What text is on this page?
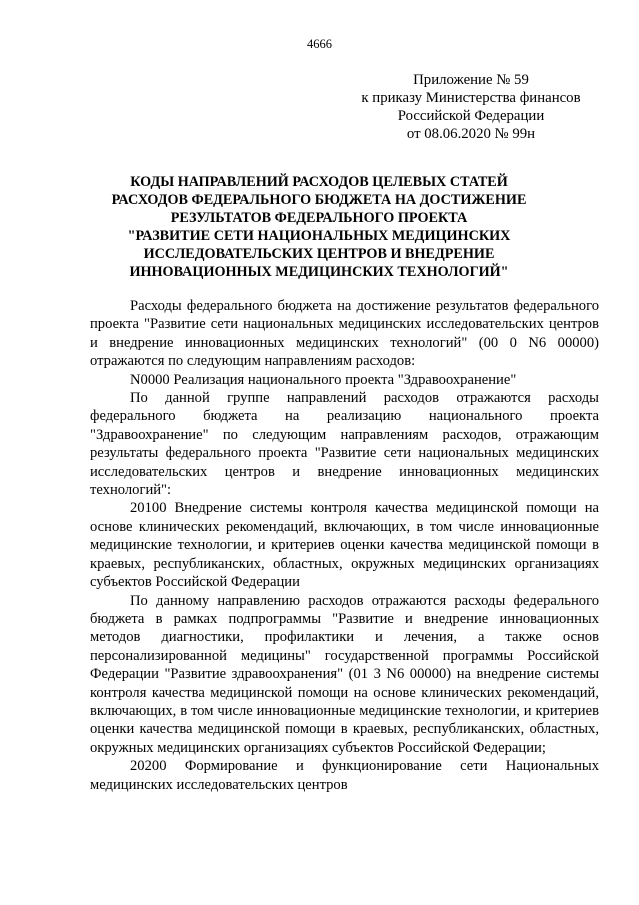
4666
Приложение № 59
к приказу Министерства финансов
Российской Федерации
от 08.06.2020 № 99н
КОДЫ НАПРАВЛЕНИЙ РАСХОДОВ ЦЕЛЕВЫХ СТАТЕЙ
РАСХОДОВ ФЕДЕРАЛЬНОГО БЮДЖЕТА НА ДОСТИЖЕНИЕ
РЕЗУЛЬТАТОВ ФЕДЕРАЛЬНОГО ПРОЕКТА
"РАЗВИТИЕ СЕТИ НАЦИОНАЛЬНЫХ МЕДИЦИНСКИХ
ИССЛЕДОВАТЕЛЬСКИХ ЦЕНТРОВ И ВНЕДРЕНИЕ
ИННОВАЦИОННЫХ МЕДИЦИНСКИХ ТЕХНОЛОГИЙ"

Расходы федерального бюджета на достижение результатов федерального проекта "Развитие сети национальных медицинских исследовательских центров и внедрение инновационных медицинских технологий" (00 0 N6 00000) отражаются по следующим направлениям расходов:

N0000 Реализация национального проекта "Здравоохранение"

По данной группе направлений расходов отражаются расходы федерального бюджета на реализацию национального проекта "Здравоохранение" по следующим направлениям расходов, отражающим результаты федерального проекта "Развитие сети национальных медицинских исследовательских центров и внедрение инновационных медицинских технологий":

20100 Внедрение системы контроля качества медицинской помощи на основе клинических рекомендаций, включающих, в том числе инновационные медицинские технологии, и критериев оценки качества медицинской помощи в краевых, республиканских, областных, окружных медицинских организациях субъектов Российской Федерации

По данному направлению расходов отражаются расходы федерального бюджета в рамках подпрограммы "Развитие и внедрение инновационных методов диагностики, профилактики и лечения, а также основ персонализированной медицины" государственной программы Российской Федерации "Развитие здравоохранения" (01 3 N6 00000) на внедрение системы контроля качества медицинской помощи на основе клинических рекомендаций, включающих, в том числе инновационные медицинские технологии, и критериев оценки качества медицинской помощи в краевых, республиканских, областных, окружных медицинских организациях субъектов Российской Федерации;

20200 Формирование и функционирование сети Национальных медицинских исследовательских центров
